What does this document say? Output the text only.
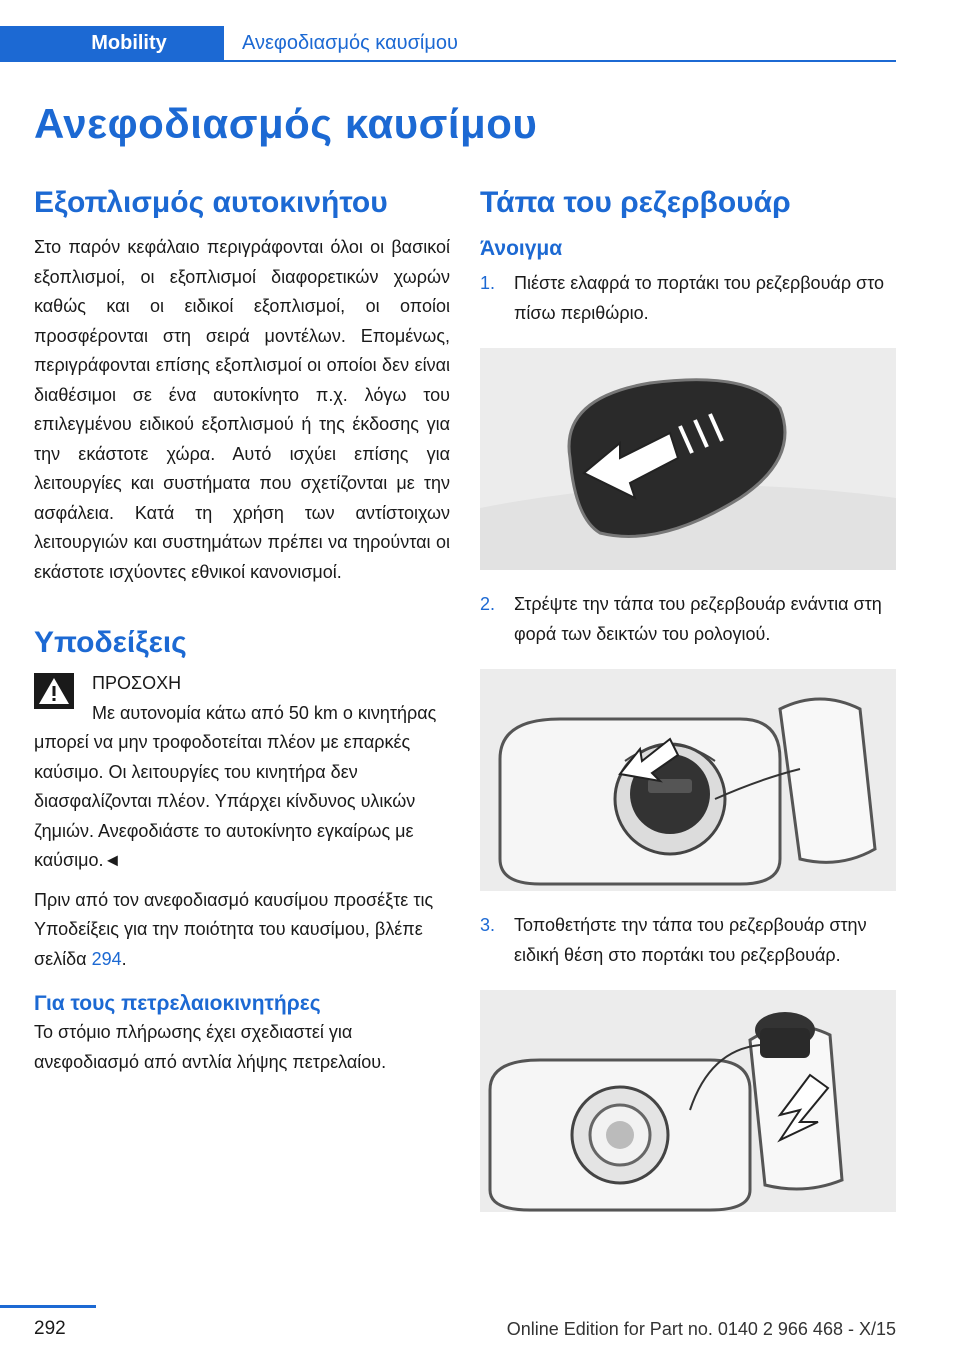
Mobility	Ανεφοδιασμός καυσίμου
Ανεφοδιασμός καυσίμου
Εξοπλισμός αυτοκινήτου

Στο παρόν κεφάλαιο περιγράφονται όλοι οι βασικοί εξοπλισμοί, οι εξοπλισμοί διαφορετικών χωρών καθώς και οι ειδικοί εξοπλισμοί, οι οποίοι προσφέρονται στη σειρά μοντέλων. Επομένως, περιγράφονται επίσης εξοπλισμοί οι οποίοι δεν είναι διαθέσιμοι σε ένα αυτοκίνητο π.χ. λόγω του επιλεγμένου ειδικού εξοπλισμού ή της έκδοσης για την εκάστοτε χώρα. Αυτό ισχύει επίσης για λειτουργίες και συστήματα που σχετίζονται με την ασφάλεια. Κατά τη χρήση των αντίστοιχων λειτουργιών και συστημάτων πρέπει να τηρούνται οι εκάστοτε ισχύοντες εθνικοί κανονισμοί.

Υποδείξεις
ΠΡΟΣΟΧΗ

Με αυτονομία κάτω από 50 km ο κινητήρας μπορεί να μην τροφοδοτείται πλέον με επαρκές καύσιμο. Οι λειτουργίες του κινητήρα δεν διασφαλίζονται πλέον. Υπάρχει κίνδυνος υλικών ζημιών. Ανεφοδιάστε το αυτοκίνητο εγκαίρως με καύσιμο.◄

Πριν από τον ανεφοδιασμό καυσίμου προσέξτε τις Υποδείξεις για την ποιότητα του καυσίμου, βλέπε σελίδα 294.

Για τους πετρελαιοκινητήρες

Το στόμιο πλήρωσης έχει σχεδιαστεί για ανεφοδιασμό από αντλία λήψης πετρελαίου.

Τάπα του ρεζερβουάρ
Άνοιγμα
1. Πιέστε ελαφρά το πορτάκι του ρεζερβουάρ στο πίσω περιθώριο.
2. Στρέψτε την τάπα του ρεζερβουάρ ενάντια στη φορά των δεικτών του ρολογιού.
3. Τοποθετήστε την τάπα του ρεζερβουάρ στην ειδική θέση στο πορτάκι του ρεζερβουάρ.
292	Online Edition for Part no. 0140 2 966 468 - X/15
